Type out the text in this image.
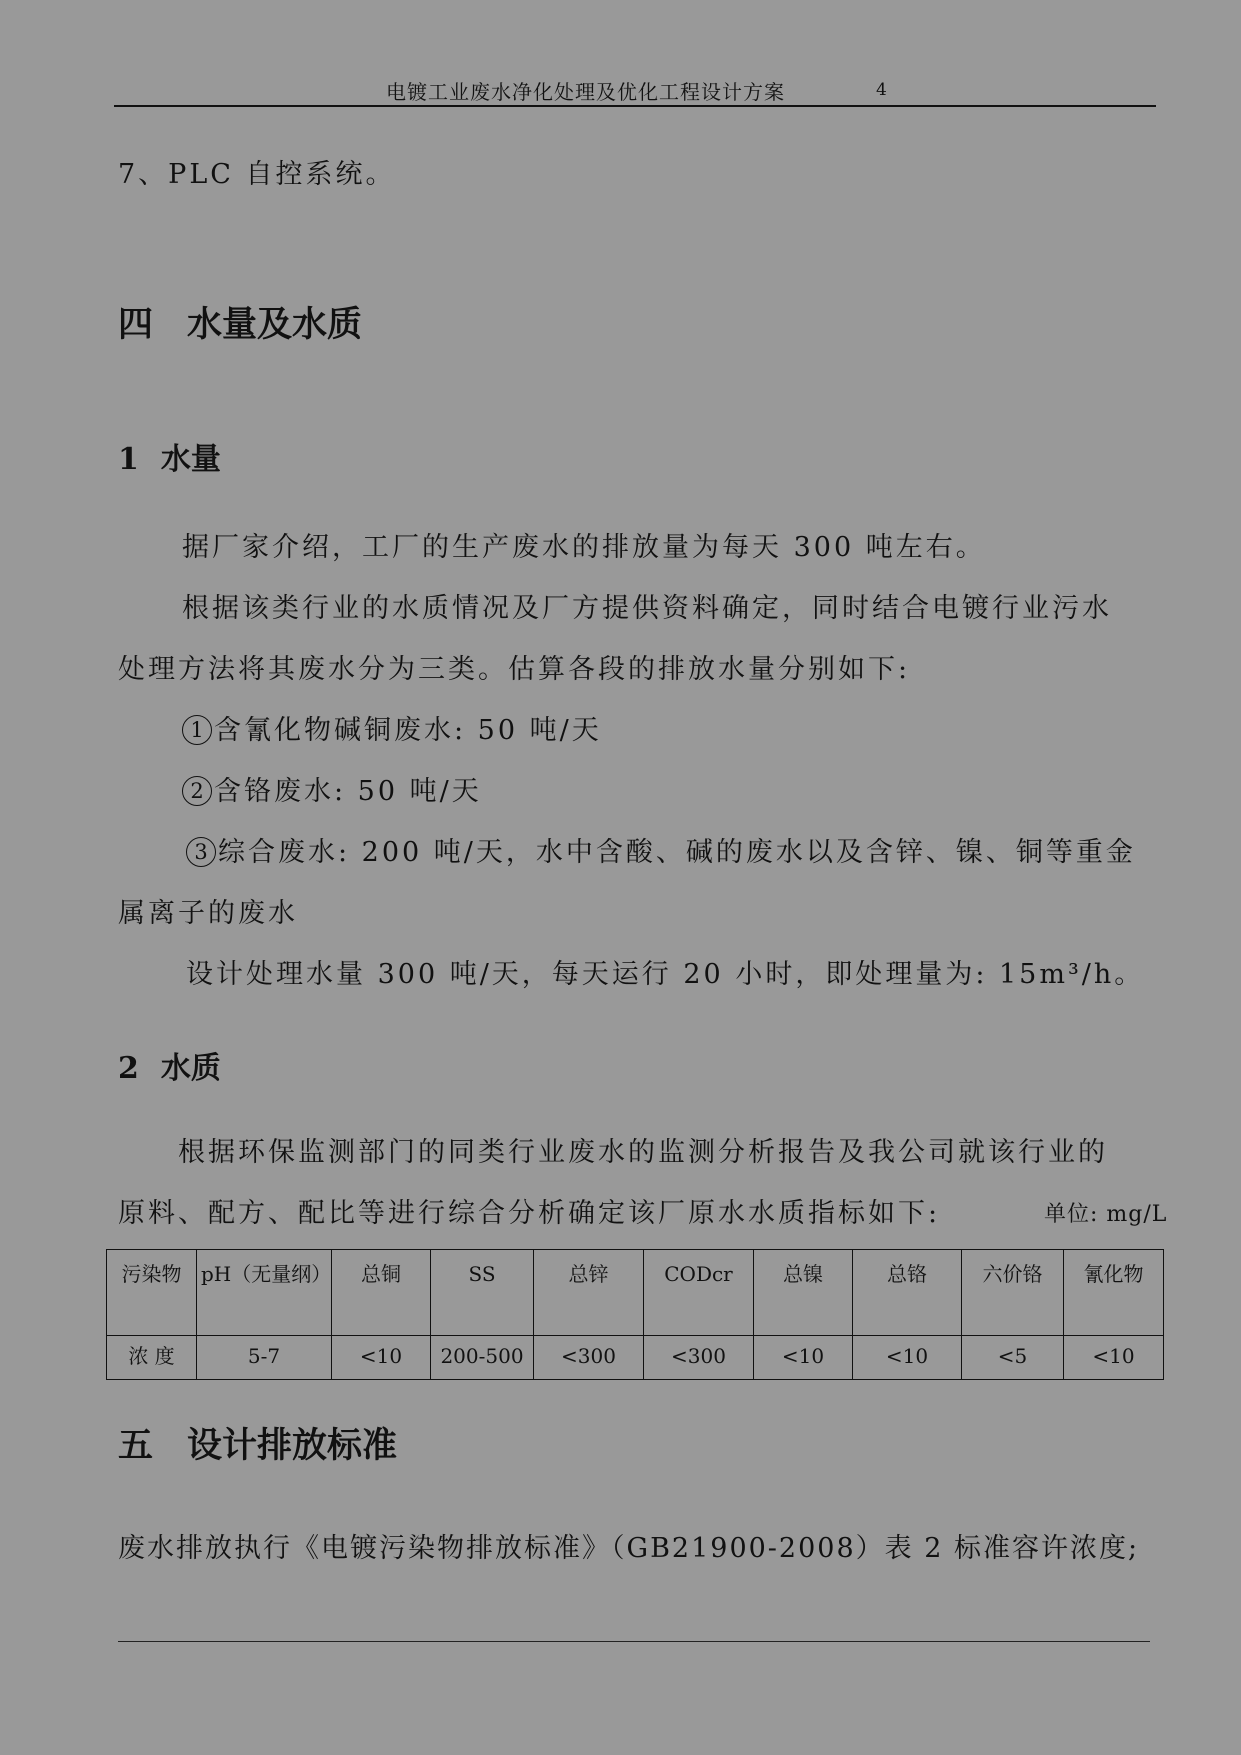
电镀工业废水净化处理及优化工程设计方案	4
7、PLC 自控系统。
四 水量及水质
1 水量
据厂家介绍，工厂的生产废水的排放量为每天 300 吨左右。
根据该类行业的水质情况及厂方提供资料确定，同时结合电镀行业污水
处理方法将其废水分为三类。估算各段的排放水量分别如下:
1 含氰化物碱铜废水: 50 吨/天
2 含铬废水: 50 吨/天
3 综合废水: 200 吨/天，水中含酸、碱的废水以及含锌、镍、铜等重金
属离子的废水
设计处理水量 300 吨/天，每天运行 20 小时，即处理量为: 15m³/h。
2 水质
根据环保监测部门的同类行业废水的监测分析报告及我公司就该行业的
原料、配方、配比等进行综合分析确定该厂原水水质指标如下:	单位: mg/L
污染物	pH（无量纲）	总铜	SS	总锌	CODcr	总镍	总铬	六价铬	氰化物
浓 度	5-7	<10	200-500	<300	<300	<10	<10	<5	<10
五 设计排放标准
废水排放执行《电镀污染物排放标准》（GB21900-2008）表 2 标准容许浓度;
